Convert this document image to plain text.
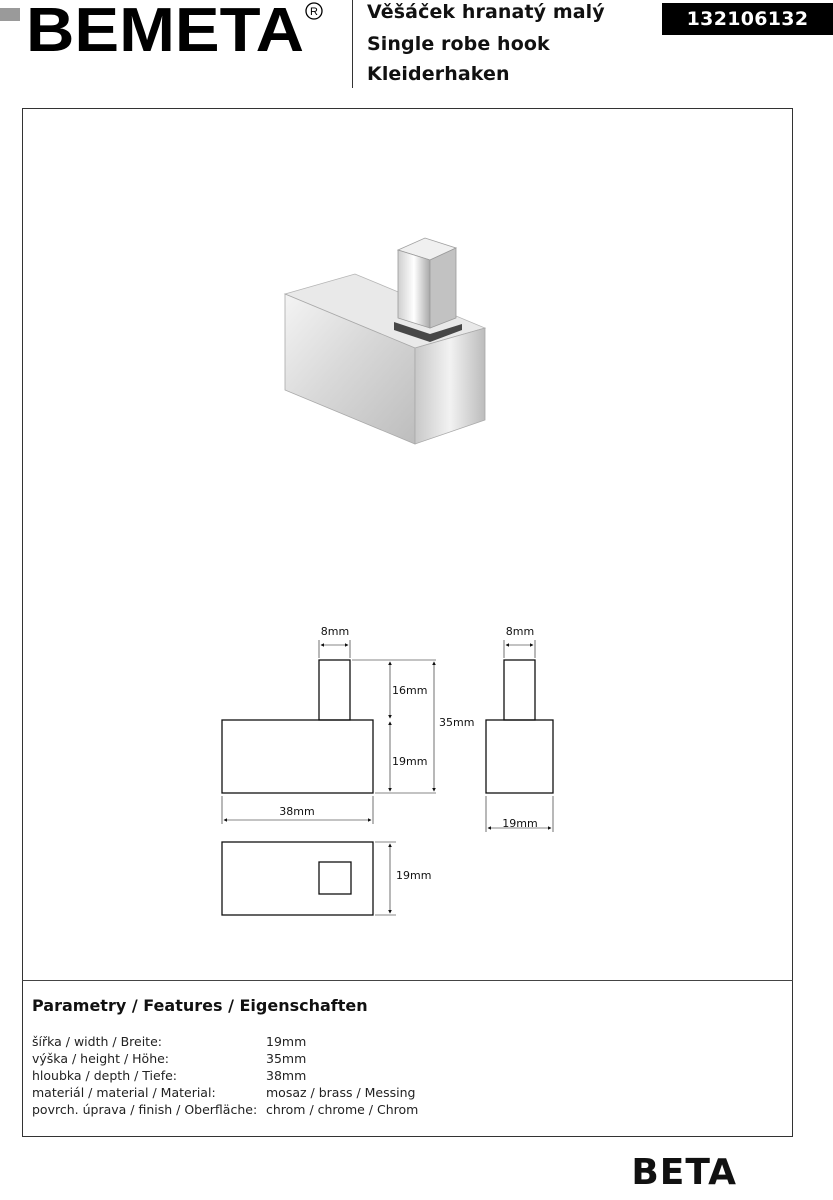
BEMETA R	Věšáček hranatý malý
Single robe hook
Kleiderhaken
132106132
8mm	8mm
16mm
19mm
35mm
38mm
19mm
19mm
Parametry / Features / Eigenschaften
šířka / width / Breite:	19mm
výška / height / Höhe:	35mm
hloubka / depth / Tiefe:	38mm
materiál / material / Material:	mosaz / brass / Messing
povrch. úprava / finish / Oberfläche: chrom / chrome / Chrom
BETA
